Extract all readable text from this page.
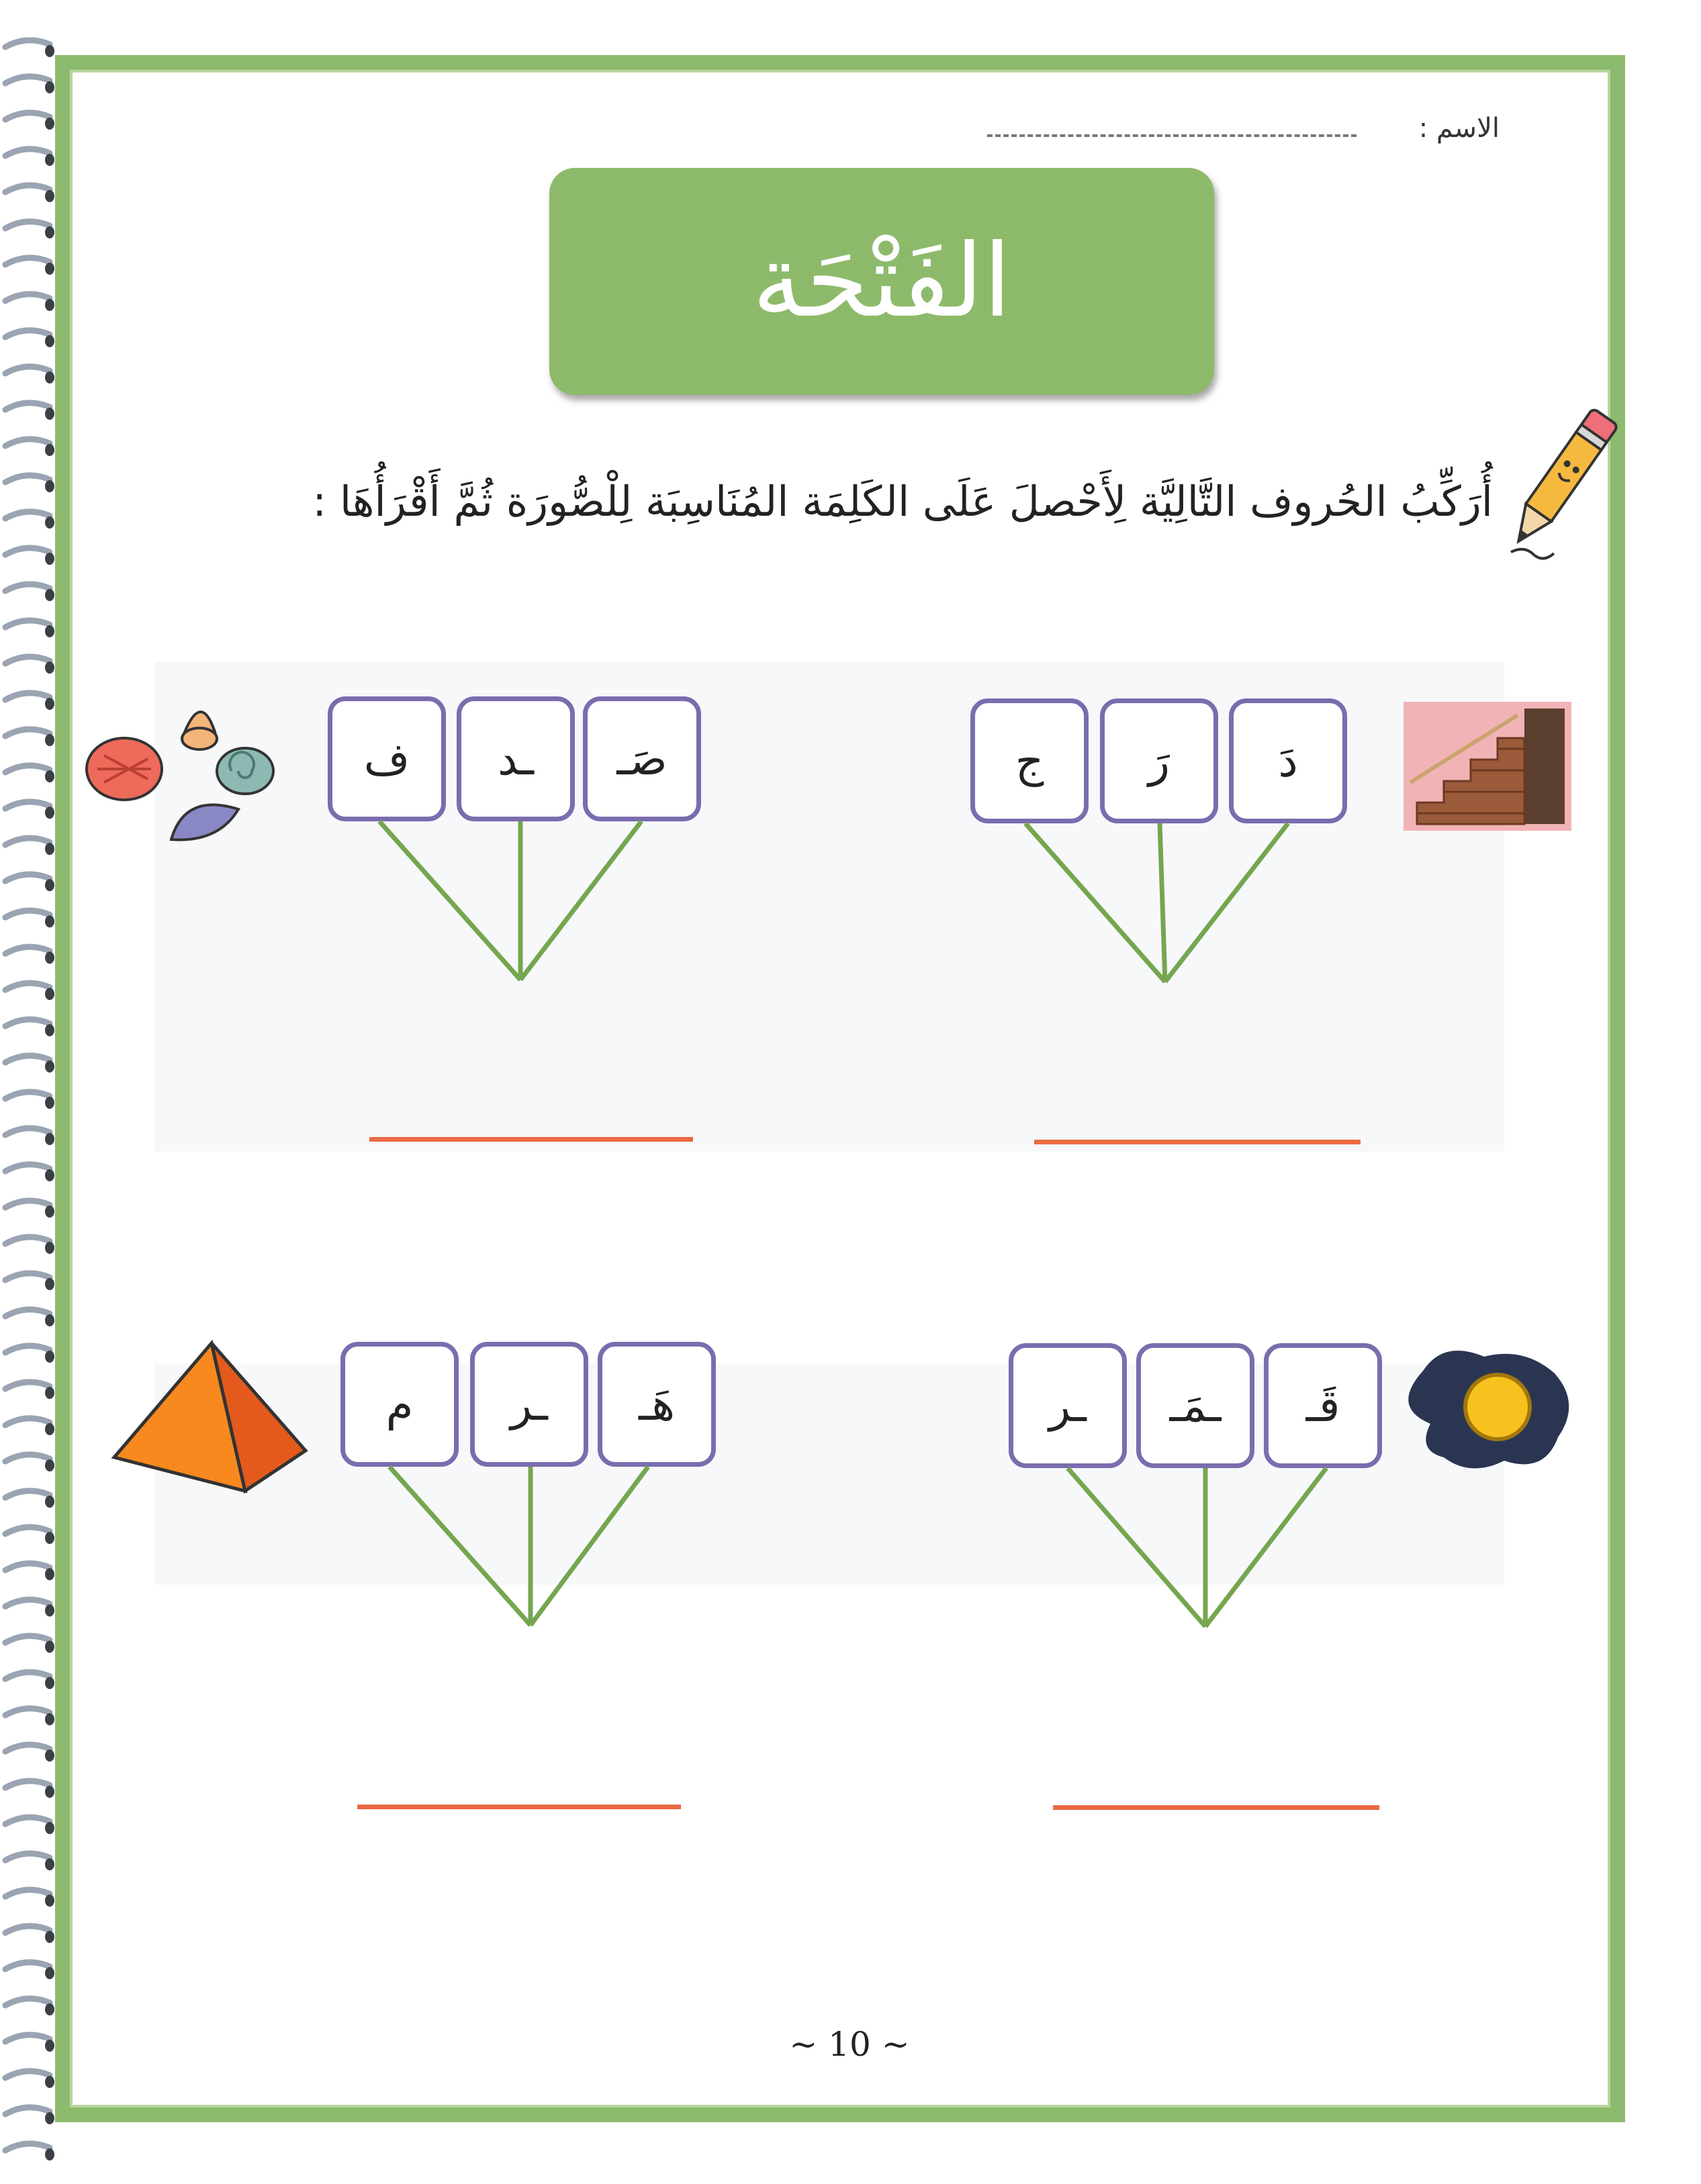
الاسم :
الفَتْحَة
أُرَكِّبُ الحُروف التَّالِيَّة لِأَحْصلَ عَلَى الكَلِمَة المُنَاسِبَة لِلْصُّورَة ثُمَّ أَقْرَأُهَا :
دَ
رَ
ج
صَـ
ـد
ف
قَـ
ـمَـ
ـر
هَـ
ـر
م
~ 10 ~
